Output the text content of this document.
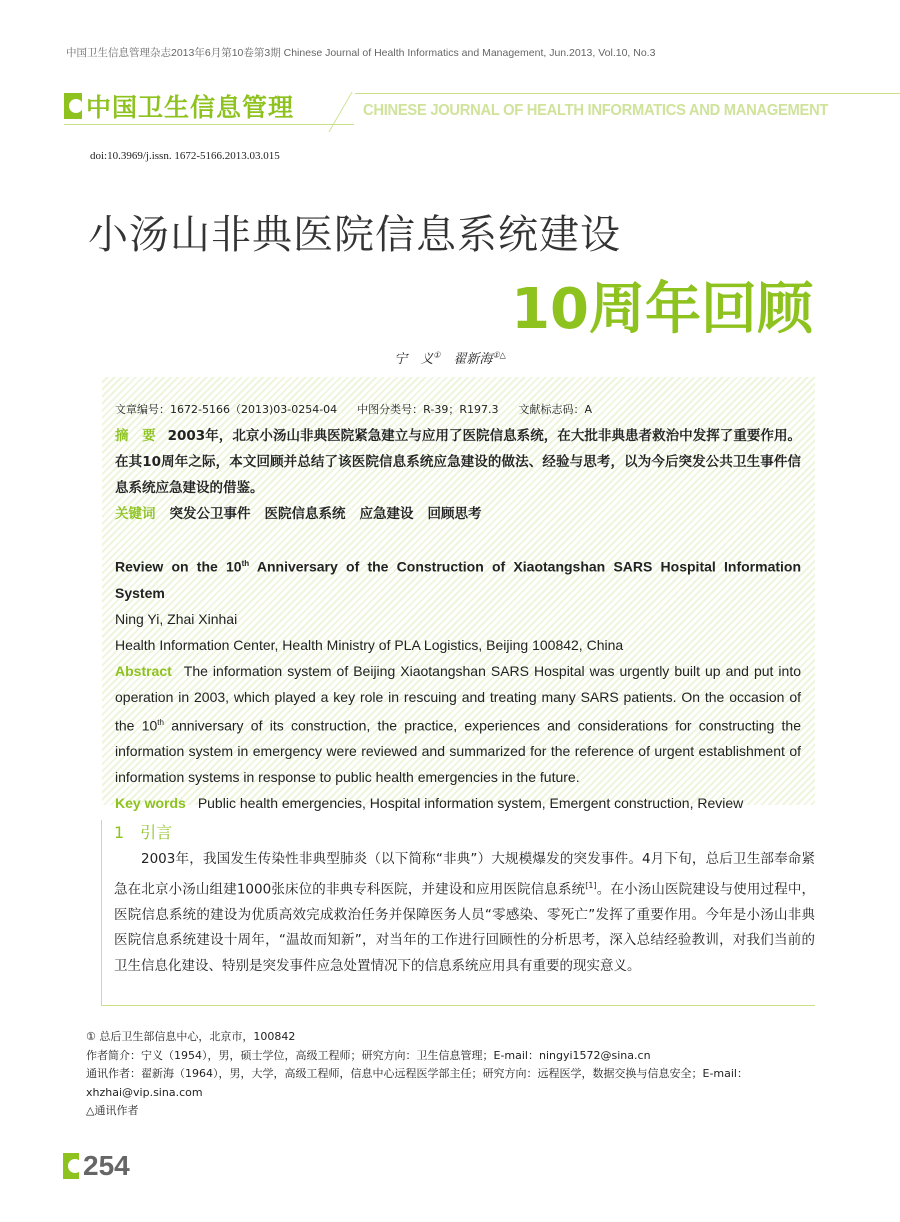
中国卫生信息管理杂志2013年6月第10卷第3期 Chinese Journal of Health Informatics and Management, Jun.2013, Vol.10, No.3
中国卫生信息管理	CHINESE JOURNAL OF HEALTH INFORMATICS AND MANAGEMENT
doi:10.3969/j.issn. 1672-5166.2013.03.015
小汤山非典医院信息系统建设
10周年回顾
宁　义①　 翟新海①△
文章编号：1672-5166（2013)03-0254-04 中图分类号：R-39；R197.3 文献标志码：A
摘　要 2003年，北京小汤山非典医院紧急建立与应用了医院信息系统，在大批非典患者救治中发挥了重要作用。在其10周年之际，本文回顾并总结了该医院信息系统应急建设的做法、经验与思考，以为今后突发公共卫生事件信息系统应急建设的借鉴。
关键词 突发公卫事件 医院信息系统 应急建设 回顾思考
Review on the 10th Anniversary of the Construction of Xiaotangshan SARS Hospital Information System
Ning Yi, Zhai Xinhai
Health Information Center, Health Ministry of PLA Logistics, Beijing 100842, China
Abstract The information system of Beijing Xiaotangshan SARS Hospital was urgently built up and put into operation in 2003, which played a key role in rescuing and treating many SARS patients. On the occasion of the 10th anniversary of its construction, the practice, experiences and considerations for constructing the information system in emergency were reviewed and summarized for the reference of urgent establishment of information systems in response to public health emergencies in the future.
Key words Public health emergencies, Hospital information system, Emergent construction, Review
1　引言

2003年，我国发生传染性非典型肺炎（以下简称“非典”）大规模爆发的突发事件。4月下旬，总后卫生部奉命紧急在北京小汤山组建1000张床位的非典专科医院，并建设和应用医院信息系统[1]。在小汤山医院建设与使用过程中，医院信息系统的建设为优质高效完成救治任务并保障医务人员“零感染、零死亡”发挥了重要作用。今年是小汤山非典医院信息系统建设十周年，“温故而知新”，对当年的工作进行回顾性的分析思考，深入总结经验教训，对我们当前的卫生信息化建设、特别是突发事件应急处置情况下的信息系统应用具有重要的现实意义。

① 总后卫生部信息中心，北京市，100842
作者简介：宁义（1954），男，硕士学位，高级工程师；研究方向：卫生信息管理；E-mail：ningyi1572@sina.cn
通讯作者：翟新海（1964），男，大学，高级工程师，信息中心远程医学部主任；研究方向：远程医学，数据交换与信息安全；E-mail：xhzhai@vip.sina.com
△通讯作者
254
